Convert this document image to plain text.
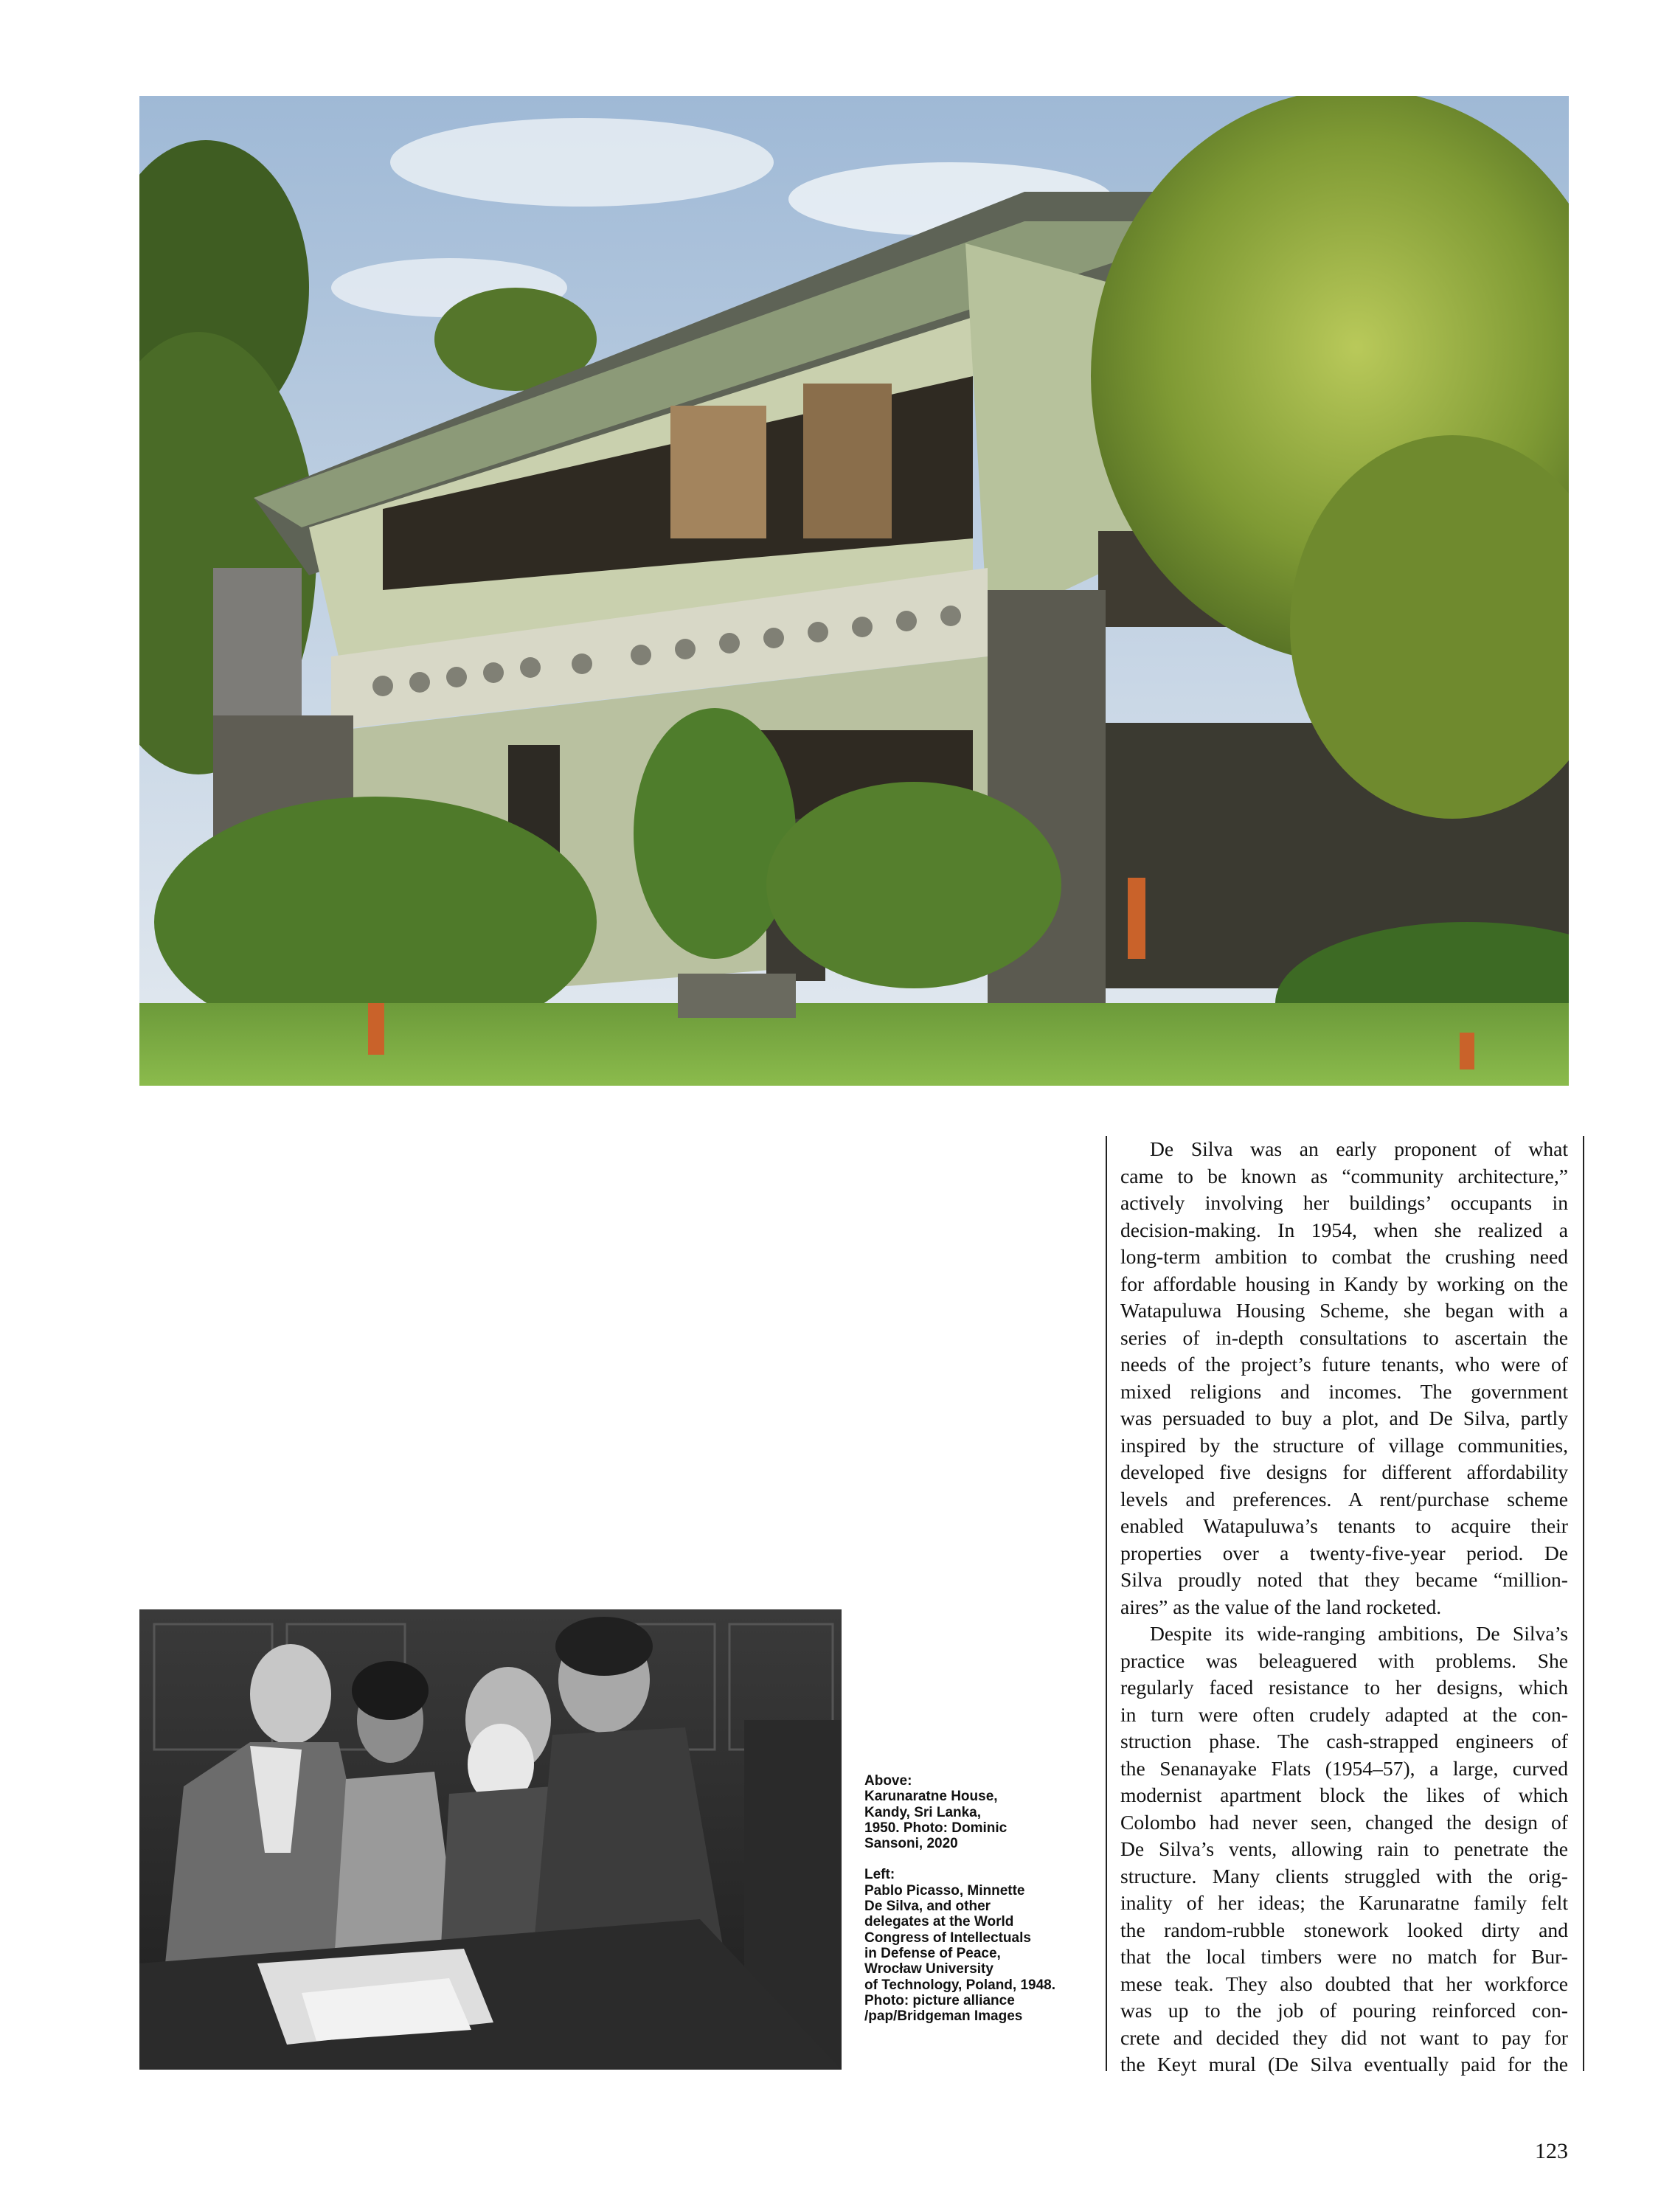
Above:

Karunaratne House,

Kandy, Sri Lanka,

1950. Photo: Dominic

Sansoni, 2020

Left:

Pablo Picasso, Minnette

De Silva, and other

delegates at the World

Congress of Intellectuals

in Defense of Peace,

Wrocław University

of Technology, Poland, 1948.

Photo: picture alliance

/pap/Bridgeman Images

De Silva was an early proponent of what
came to be known as “community architecture,”
actively involving her buildings’ occupants in
decision-making. In 1954, when she realized a
long-term ambition to combat the crushing need
for affordable housing in Kandy by working on the
Watapuluwa Housing Scheme, she began with a
series of in-depth consultations to ascertain the
needs of the project’s future tenants, who were of
mixed religions and incomes. The government
was persuaded to buy a plot, and De Silva, partly
inspired by the structure of village communities,
developed five designs for different affordability
levels and preferences. A rent/purchase scheme
enabled Watapuluwa’s tenants to acquire their
properties over a twenty-five-year period. De
Silva proudly noted that they became “million-
aires” as the value of the land rocketed.
Despite its wide-ranging ambitions, De Silva’s
practice was beleaguered with problems. She
regularly faced resistance to her designs, which
in turn were often crudely adapted at the con-
struction phase. The cash-strapped engineers of
the Senanayake Flats (1954–57), a large, curved
modernist apartment block the likes of which
Colombo had never seen, changed the design of
De Silva’s vents, allowing rain to penetrate the
structure. Many clients struggled with the orig-
inality of her ideas; the Karunaratne family felt
the random-rubble stonework looked dirty and
that the local timbers were no match for Bur-
mese teak. They also doubted that her workforce
was up to the job of pouring reinforced con-
crete and decided they did not want to pay for
the Keyt mural (De Silva eventually paid for the
123
